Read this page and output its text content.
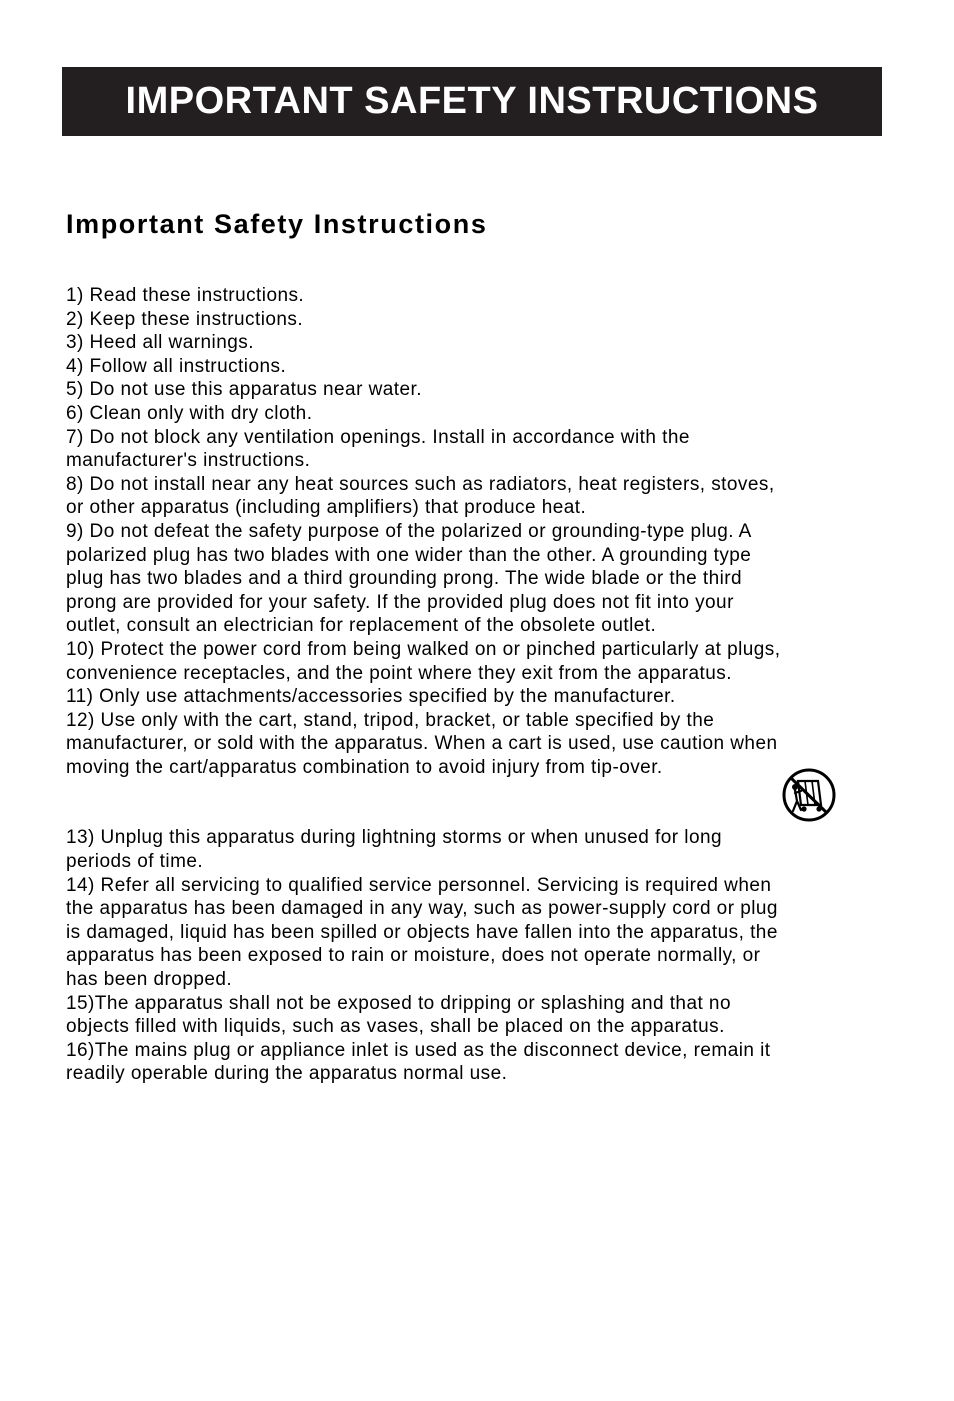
IMPORTANT SAFETY INSTRUCTIONS
Important Safety Instructions
1) Read these instructions.
2) Keep these instructions.
3) Heed all warnings.
4) Follow all instructions.
5) Do not use this apparatus near water.
6) Clean only with dry cloth.
7) Do not block any ventilation openings. Install in accordance with the
manufacturer's instructions.
8) Do not install near any heat sources such as radiators, heat registers, stoves,
or other apparatus (including amplifiers) that produce heat.
9) Do not defeat the safety purpose of the polarized or grounding-type plug. A
polarized plug has two blades with one wider than the other. A grounding type
plug has two blades and a third grounding prong. The wide blade or the third
prong are provided for your safety. If the provided plug does not fit into your
outlet, consult an electrician for replacement of the obsolete outlet.
10) Protect the power cord from being walked on or pinched particularly at plugs,
convenience receptacles, and the point where they exit from the apparatus.
11) Only use attachments/accessories specified by the manufacturer.
12) Use only with the cart, stand, tripod, bracket, or table specified by the
manufacturer, or sold with the apparatus. When a cart is used, use caution when
moving the cart/apparatus combination to avoid injury from tip-over.
13) Unplug this apparatus during lightning storms or when unused for long
periods of time.
14) Refer all servicing to qualified service personnel. Servicing is required when
the apparatus has been damaged in any way, such as power-supply cord or plug
is damaged, liquid has been spilled or objects have fallen into the apparatus, the
apparatus has been exposed to rain or moisture, does not operate normally, or
has been dropped.
15)The apparatus shall not be exposed to dripping or splashing and that no
objects filled with liquids, such as vases, shall be placed on the apparatus.
16)The mains plug or appliance inlet is used as the disconnect device, remain it
readily operable during the apparatus normal use.
